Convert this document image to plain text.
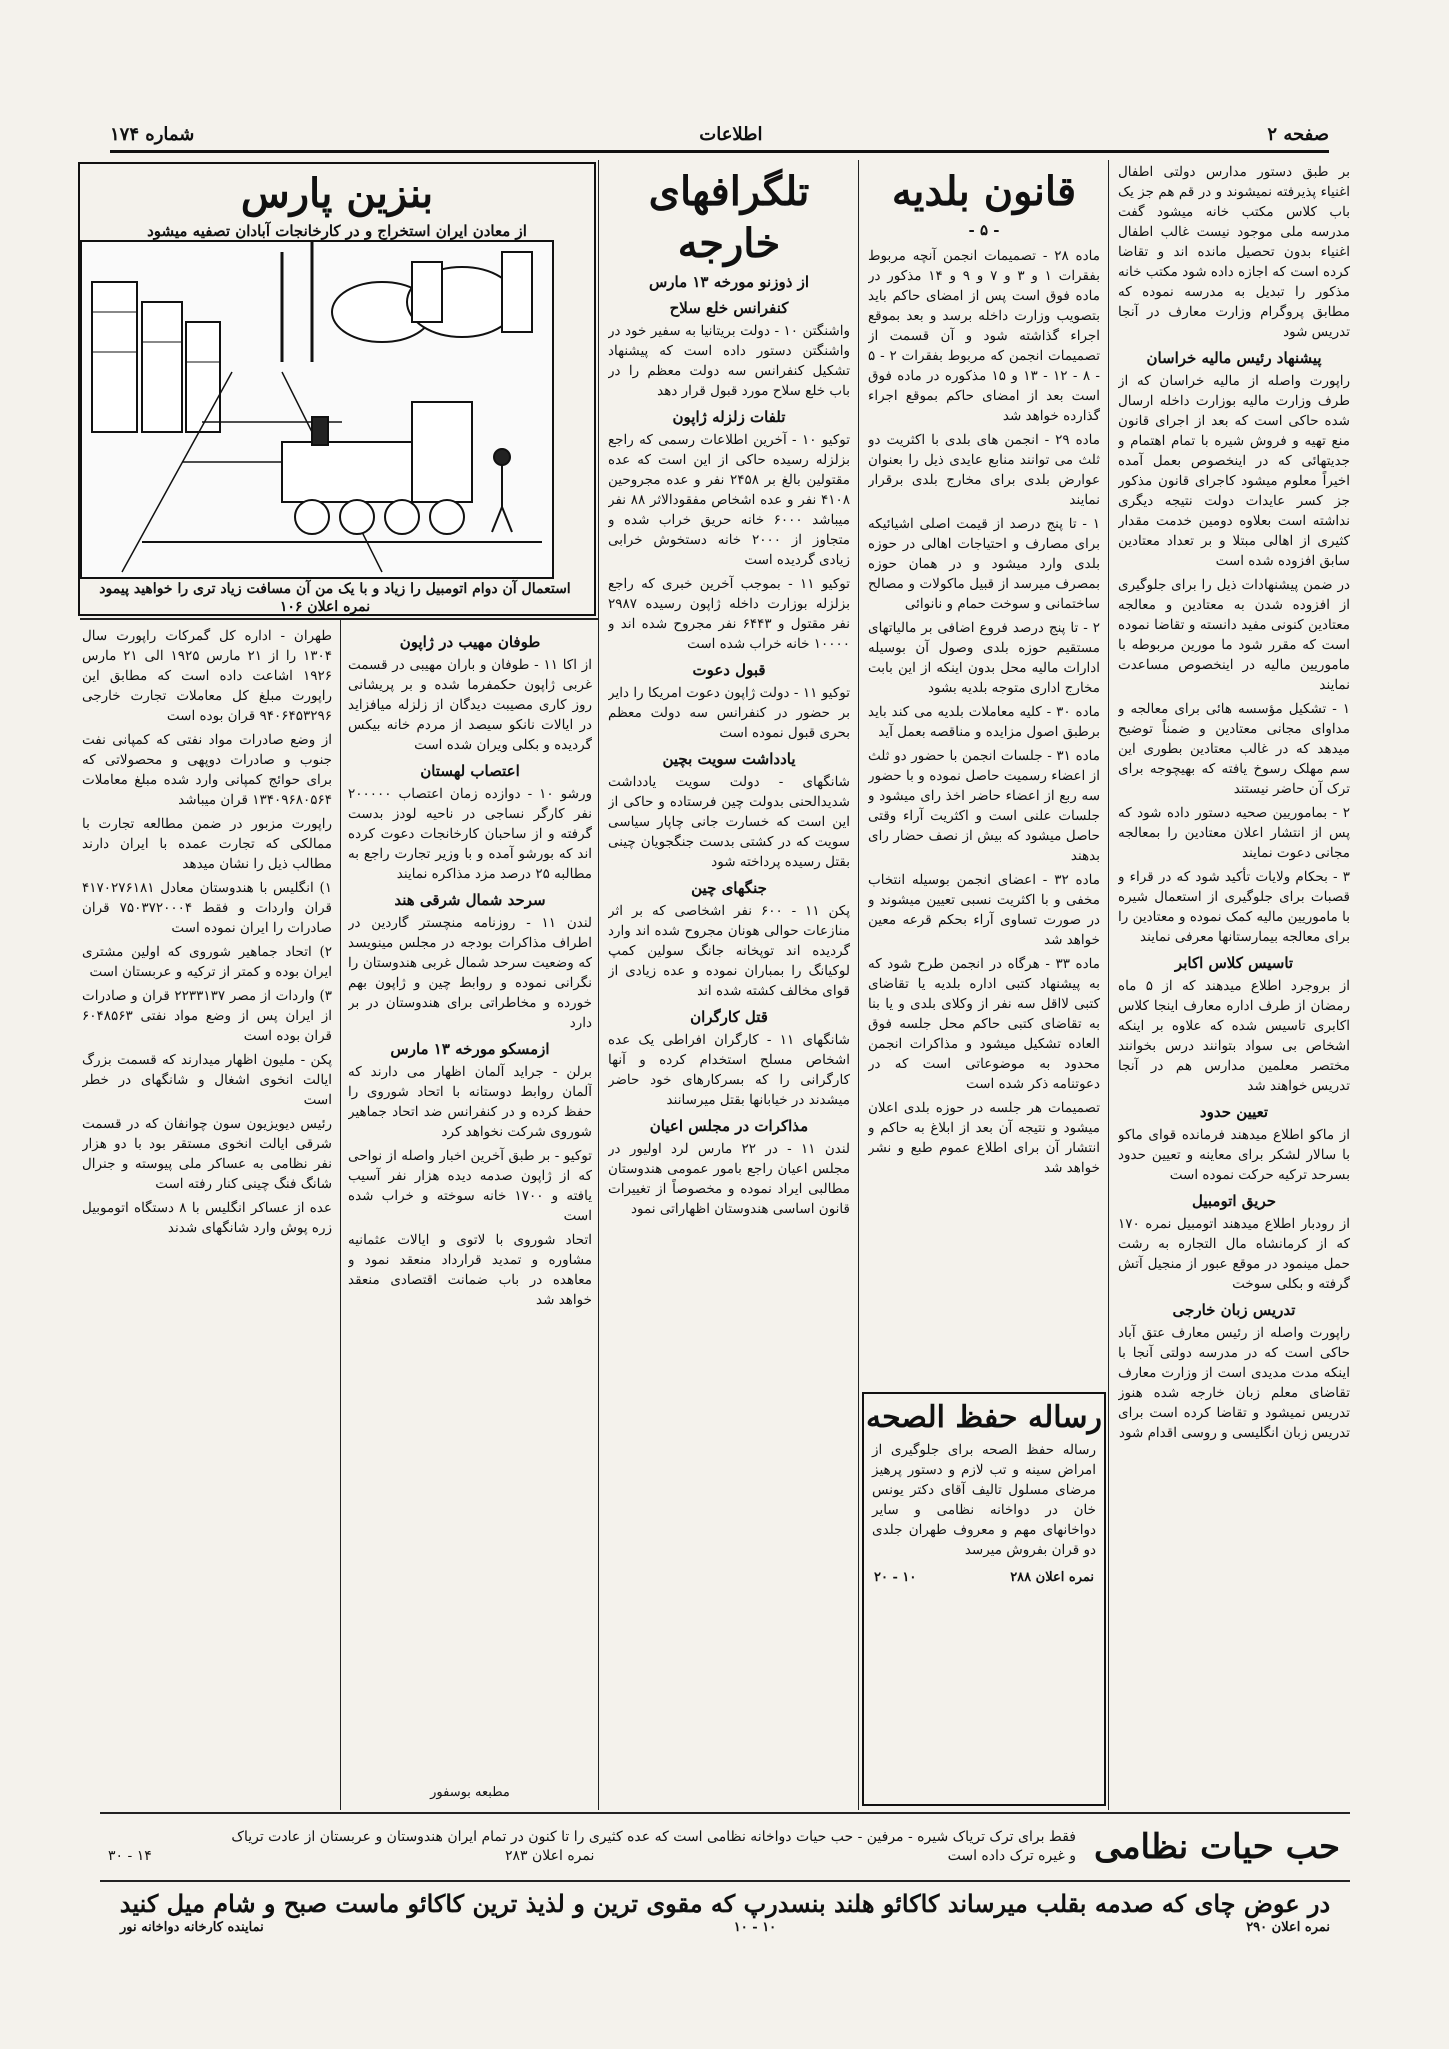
صفحه ۲
اطلاعات
شماره ۱۷۴

بر طبق دستور مدارس دولتی اطفال اغنیاء پذیرفته نمیشوند و در قم هم جز یک باب کلاس مکتب خانه میشود گفت مدرسه ملی موجود نیست غالب اطفال اغنیاء بدون تحصیل مانده اند و تقاضا کرده است که اجازه داده شود مکتب خانه مذکور را تبدیل به مدرسه نموده که مطابق پروگرام وزارت معارف در آنجا تدریس شود

پیشنهاد رئیس مالیه خراسان

راپورت واصله از مالیه خراسان که از طرف وزارت مالیه بوزارت داخله ارسال شده حاکی است که بعد از اجرای قانون منع تهیه و فروش شیره با تمام اهتمام و جدیتهائی که در اینخصوص بعمل آمده اخیراً معلوم میشود کاجرای قانون مذکور جز کسر عایدات دولت نتیجه دیگری نداشته است بعلاوه دومین خدمت مقدار کثیری از اهالی مبتلا و بر تعداد معتادین سابق افزوده شده است

در ضمن پیشنهادات ذیل را برای جلوگیری از افزوده شدن به معتادین و معالجه معتادین کنونی مفید دانسته و تقاضا نموده است که مقرر شود ما مورین مربوطه با ماموریین مالیه در اینخصوص مساعدت نمایند

۱ - تشکیل مؤسسه هائی برای معالجه و مداوای مجانی معتادین و ضمناً توضیح میدهد که در غالب معتادین بطوری این سم مهلک رسوخ یافته که بهیچوجه برای ترک آن حاضر نیستند

۲ - بماموریین صحیه دستور داده شود که پس از انتشار اعلان معتادین را بمعالجه مجانی دعوت نمایند

۳ - بحکام ولایات تأکید شود که در قراء و قصبات برای جلوگیری از استعمال شیره با ماموریین مالیه کمک نموده و معتادین را برای معالجه بیمارستانها معرفی نمایند

تاسیس کلاس اکابر

از بروجرد اطلاع میدهند که از ۵ ماه رمضان از طرف اداره معارف اینجا کلاس اکابری تاسیس شده که علاوه بر اینکه اشخاص بی سواد بتوانند درس بخوانند مختصر معلمین مدارس هم در آنجا تدریس خواهند شد

تعیین حدود

از ماکو اطلاع میدهند فرمانده قوای ماکو با سالار لشکر برای معاینه و تعیین حدود بسرحد ترکیه حرکت نموده است

حریق اتومبیل

از رودبار اطلاع میدهند اتومبیل نمره ۱۷۰ که از کرمانشاه مال التجاره به رشت حمل مینمود در موقع عبور از منجیل آتش گرفته و بکلی سوخت

تدریس زبان خارجی

راپورت واصله از رئیس معارف عتق آباد حاکی است که در مدرسه دولتی آنجا با اینکه مدت مدیدی است از وزارت معارف تقاضای معلم زبان خارجه شده هنوز تدریس نمیشود و تقاضا کرده است برای تدریس زبان انگلیسی و روسی اقدام شود

قانون بلدیه
- ۵ -

ماده ۲۸ - تصمیمات انجمن آنچه مربوط بفقرات ۱ و ۳ و ۷ و ۹ و ۱۴ مذکور در ماده فوق است پس از امضای حاکم باید بتصویب وزارت داخله برسد و بعد بموقع اجراء گذاشته شود و آن قسمت از تصمیمات انجمن که مربوط بفقرات ۲ - ۵ - ۸ - ۱۲ - ۱۳ و ۱۵ مذکوره در ماده فوق است بعد از امضای حاکم بموقع اجراء گذارده خواهد شد

ماده ۲۹ - انجمن های بلدی با اکثریت دو ثلث می توانند منابع عایدی ذیل را بعنوان عوارض بلدی برای مخارج بلدی برقرار نمایند

۱ - تا پنج درصد از قیمت اصلی اشیائیکه برای مصارف و احتیاجات اهالی در حوزه بلدی وارد میشود و در همان حوزه بمصرف میرسد از قبیل ماکولات و مصالح ساختمانی و سوخت حمام و نانوائی

۲ - تا پنج درصد فروع اضافی بر مالیاتهای مستقیم حوزه بلدی وصول آن بوسیله ادارات مالیه محل بدون اینکه از این بابت مخارج اداری متوجه بلدیه بشود

ماده ۳۰ - کلیه معاملات بلدیه می کند باید برطبق اصول مزایده و مناقصه بعمل آید

ماده ۳۱ - جلسات انجمن با حضور دو ثلث از اعضاء رسمیت حاصل نموده و با حضور سه ربع از اعضاء حاضر اخذ رای میشود و جلسات علنی است و اکثریت آراء وقتی حاصل میشود که بیش از نصف حضار رای بدهند

ماده ۳۲ - اعضای انجمن بوسیله انتخاب مخفی و با اکثریت نسبی تعیین میشوند و در صورت تساوی آراء بحکم قرعه معین خواهد شد

ماده ۳۳ - هرگاه در انجمن طرح شود که به پیشنهاد کتبی اداره بلدیه یا تقاضای کتبی لااقل سه نفر از وکلای بلدی و یا بنا به تقاضای کتبی حاکم محل جلسه فوق العاده تشکیل میشود و مذاکرات انجمن محدود به موضوعاتی است که در دعوتنامه ذکر شده است

تصمیمات هر جلسه در حوزه بلدی اعلان میشود و نتیجه آن بعد از ابلاغ به حاکم و انتشار آن برای اطلاع عموم طبع و نشر خواهد شد

رساله حفظ الصحه

رساله حفظ الصحه برای جلوگیری از امراض سینه و تب لازم و دستور پرهیز مرضای مسلول تالیف آقای دکتر یونس خان در دواخانه نظامی و سایر دواخانهای مهم و معروف طهران جلدی دو قران بفروش میرسد

نمره اعلان ۲۸۸
۱۰ - ۲۰
تلگرافهای خارجه
از ذوزنو مورخه ۱۳ مارس
کنفرانس خلع سلاح

واشنگتن ۱۰ - دولت بریتانیا به سفیر خود در واشنگتن دستور داده است که پیشنهاد تشکیل کنفرانس سه دولت معظم را در باب خلع سلاح مورد قبول قرار دهد

تلفات زلزله ژاپون

توکیو ۱۰ - آخرین اطلاعات رسمی که راجع بزلزله رسیده حاکی از این است که عده مقتولین بالغ بر ۲۴۵۸ نفر و عده مجروحین ۴۱۰۸ نفر و عده اشخاص مفقودالاثر ۸۸ نفر میباشد ۶۰۰۰ خانه حریق خراب شده و متجاوز از ۲۰۰۰ خانه دستخوش خرابی زیادی گردیده است

توکیو ۱۱ - بموجب آخرین خبری که راجع بزلزله بوزارت داخله ژاپون رسیده ۲۹۸۷ نفر مقتول و ۶۴۴۳ نفر مجروح شده اند و ۱۰۰۰۰ خانه خراب شده است

قبول دعوت

توکیو ۱۱ - دولت ژاپون دعوت امریکا را دایر بر حضور در کنفرانس سه دولت معظم بحری قبول نموده است

یادداشت سویت بچین

شانگهای - دولت سویت یادداشت شدیدالحنی بدولت چین فرستاده و حاکی از این است که خسارت جانی چاپار سیاسی سویت که در کشتی بدست جنگجویان چینی بقتل رسیده پرداخته شود

جنگهای چین

پکن ۱۱ - ۶۰۰ نفر اشخاصی که بر اثر منازعات حوالی هونان مجروح شده اند وارد گردیده اند توپخانه جانگ سولین کمپ لوکیانگ را بمباران نموده و عده زیادی از قوای مخالف کشته شده اند

قتل کارگران

شانگهای ۱۱ - کارگران افراطی یک عده اشخاص مسلح استخدام کرده و آنها کارگرانی را که بسرکارهای خود حاضر میشدند در خیابانها بقتل میرسانند

مذاکرات در مجلس اعیان

لندن ۱۱ - در ۲۲ مارس لرد اولیور در مجلس اعیان راجع بامور عمومی هندوستان مطالبی ایراد نموده و مخصوصاً از تغییرات قانون اساسی هندوستان اظهاراتی نمود

بنزین پارس
از معادن ایران استخراج و در کارخانجات آبادان تصفیه میشود
استعمال آن دوام اتومبیل را زیاد و با یک من آن مسافت زیاد تری را خواهید پیمود نمره اعلان ۱۰۶
طوفان مهیب در ژاپون

از اکا ۱۱ - طوفان و باران مهیبی در قسمت غربی ژاپون حکمفرما شده و بر پریشانی روز کاری مصیبت دیدگان از زلزله میافزاید در ایالات نانکو سیصد از مردم خانه بیکس گردیده و بکلی ویران شده است

اعتصاب لهستان

ورشو ۱۰ - دوازده زمان اعتصاب ۲۰۰۰۰۰ نفر کارگر نساجی در ناحیه لودز بدست گرفته و از ساحبان کارخانجات دعوت کرده اند که بورشو آمده و با وزیر تجارت راجع به مطالبه ۲۵ درصد مزد مذاکره نمایند

سرحد شمال شرقی هند

لندن ۱۱ - روزنامه منچستر گاردین در اطراف مذاکرات بودجه در مجلس مینویسد که وضعیت سرحد شمال غربی هندوستان را نگرانی نموده و روابط چین و ژاپون بهم خورده و مخاطراتی برای هندوستان در بر دارد

ازمسکو مورخه ۱۳ مارس

برلن - جراید آلمان اظهار می دارند که آلمان روابط دوستانه با اتحاد شوروی را حفظ کرده و در کنفرانس ضد اتحاد جماهیر شوروی شرکت نخواهد کرد

توکیو - بر طبق آخرین اخبار واصله از نواحی که از ژاپون صدمه دیده هزار نفر آسیب یافته و ۱۷۰۰ خانه سوخته و خراب شده است

اتحاد شوروی با لاتوی و ایالات عثمانیه مشاوره و تمدید قرارداد منعقد نمود و معاهده در باب ضمانت اقتصادی منعقد خواهد شد

مطبعه بوسفور

طهران - اداره کل گمرکات راپورت سال ۱۳۰۴ را از ۲۱ مارس ۱۹۲۵ الی ۲۱ مارس ۱۹۲۶ اشاعت داده است که مطابق این راپورت مبلغ کل معاملات تجارت خارجی ۹۴۰۶۴۵۳۲۹۶ قران بوده است

از وضع صادرات مواد نفتی که کمپانی نفت جنوب و صادرات دوپهی و محصولاتی که برای حوائج کمپانی وارد شده مبلغ معاملات ۱۳۴۰۹۶۸۰۵۶۴ قران میباشد

راپورت مزبور در ضمن مطالعه تجارت با ممالکی که تجارت عمده با ایران دارند مطالب ذیل را نشان میدهد

۱) انگلیس با هندوستان معادل ۴۱۷۰۲۷۶۱۸۱ قران واردات و فقط ۷۵۰۳۷۲۰۰۰۴ قران صادرات را ایران نموده است

۲) اتحاد جماهیر شوروی که اولین مشتری ایران بوده و کمتر از ترکیه و عربستان است

۳) واردات از مصر ۲۲۳۳۱۳۷ قران و صادرات از ایران پس از وضع مواد نفتی ۶۰۴۸۵۶۳ قران بوده است

پکن - ملیون اظهار میدارند که قسمت بزرگ ایالت انخوی اشغال و شانگهای در خطر است

رئیس دیویزیون سون چوانفان که در قسمت شرقی ایالت انخوی مستقر بود با دو هزار نفر نظامی به عساکر ملی پیوسته و جنرال شانگ فنگ چینی کنار رفته است

عده از عساکر انگلیس با ۸ دستگاه اتوموبیل زره پوش وارد شانگهای شدند

حب حیات نظامی
فقط برای ترک تریاک شیره - مرفین - حب حیات دواخانه نظامی است که عده کثیری را تا کنون در تمام ایران هندوستان و عربستان از عادت تریاک
و غیره ترک داده است
نمره اعلان ۲۸۳
۱۴ - ۳۰
در عوض چای که صدمه بقلب میرساند کاکائو هلند بنسدرپ که مقوی ترین و لذیذ ترین کاکائو ماست صبح و شام میل کنید
نمره اعلان ۲۹۰
۱۰ - ۱۰
نماینده کارخانه دواخانه نور
